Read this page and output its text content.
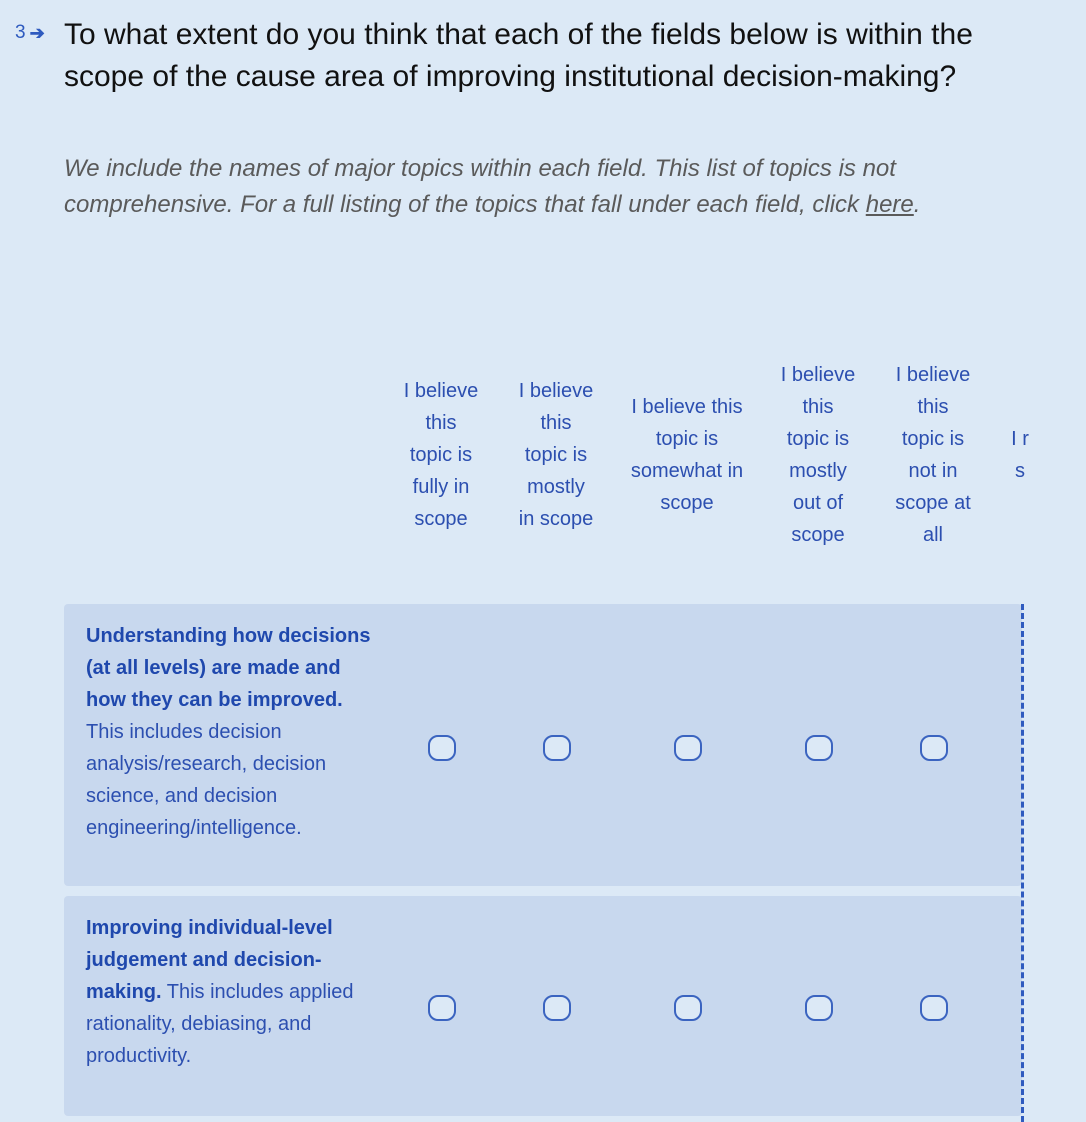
3 ➔ To what extent do you think that each of the fields below is within the scope of the cause area of improving institutional decision-making?
We include the names of major topics within each field. This list of topics is not comprehensive. For a full listing of the topics that fall under each field, click here.
I believe this topic is fully in scope
I believe this topic is mostly in scope
I believe this topic is somewhat in scope
I believe this topic is mostly out of scope
I believe this topic is not in scope at all
I r s
Understanding how decisions (at all levels) are made and how they can be improved. This includes decision analysis/research, decision science, and decision engineering/intelligence.
Improving individual-level judgement and decision-making. This includes applied rationality, debiasing, and productivity.
